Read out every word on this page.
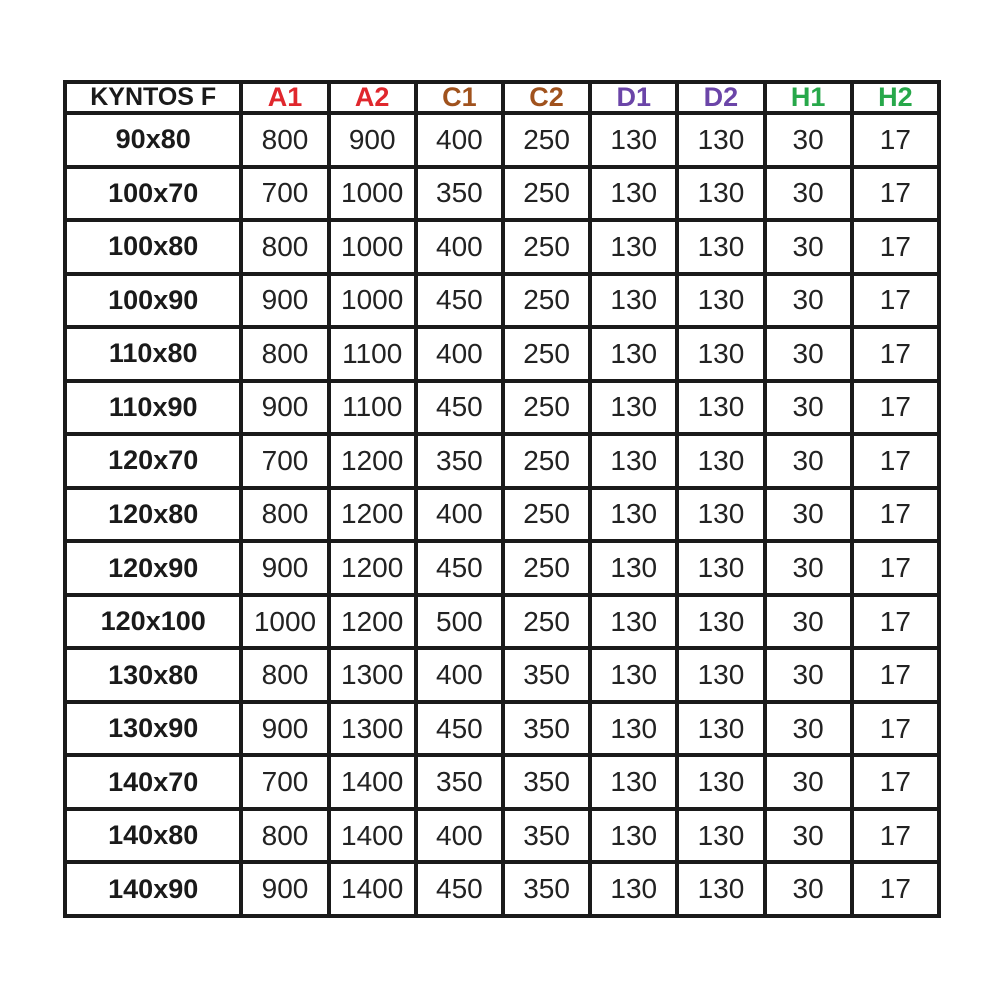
KYNTOS F	A1	A2	C1	C2	D1	D2	H1	H2
90x80	800	900	400	250	130	130	30	17
100x70	700	1000	350	250	130	130	30	17
100x80	800	1000	400	250	130	130	30	17
100x90	900	1000	450	250	130	130	30	17
110x80	800	1100	400	250	130	130	30	17
110x90	900	1100	450	250	130	130	30	17
120x70	700	1200	350	250	130	130	30	17
120x80	800	1200	400	250	130	130	30	17
120x90	900	1200	450	250	130	130	30	17
120x100	1000	1200	500	250	130	130	30	17
130x80	800	1300	400	350	130	130	30	17
130x90	900	1300	450	350	130	130	30	17
140x70	700	1400	350	350	130	130	30	17
140x80	800	1400	400	350	130	130	30	17
140x90	900	1400	450	350	130	130	30	17
